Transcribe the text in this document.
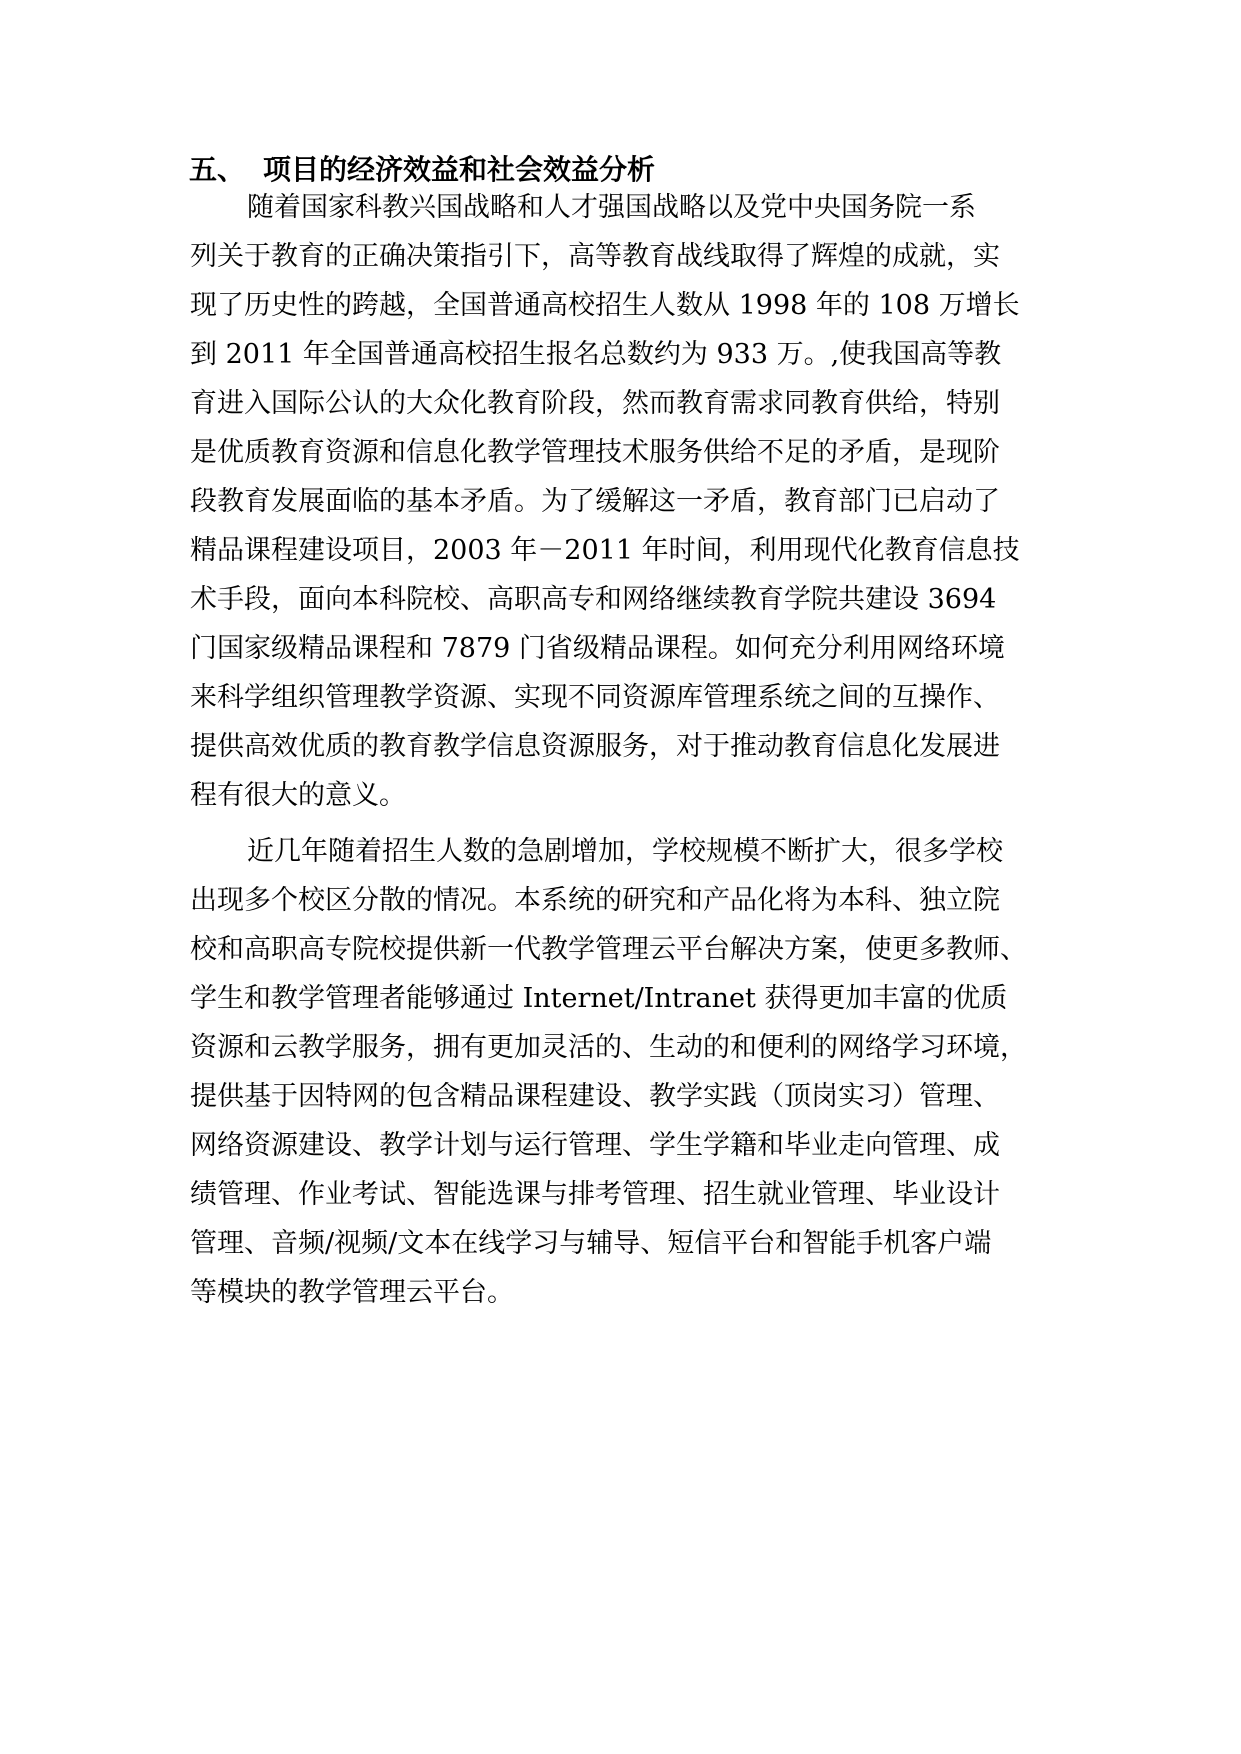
五、 项目的经济效益和社会效益分析
随着国家科教兴国战略和人才强国战略以及党中央国务院一系
列关于教育的正确决策指引下，高等教育战线取得了辉煌的成就，实
现了历史性的跨越，全国普通高校招生人数从 1998 年的 108 万增长
到 2011 年全国普通高校招生报名总数约为 933 万。,使我国高等教
育进入国际公认的大众化教育阶段，然而教育需求同教育供给，特别
是优质教育资源和信息化教学管理技术服务供给不足的矛盾，是现阶
段教育发展面临的基本矛盾。为了缓解这一矛盾，教育部门已启动了
精品课程建设项目，2003 年－2011 年时间，利用现代化教育信息技
术手段，面向本科院校、高职高专和网络继续教育学院共建设 3694
门国家级精品课程和 7879 门省级精品课程。如何充分利用网络环境
来科学组织管理教学资源、实现不同资源库管理系统之间的互操作、
提供高效优质的教育教学信息资源服务，对于推动教育信息化发展进
程有很大的意义。
近几年随着招生人数的急剧增加，学校规模不断扩大，很多学校
出现多个校区分散的情况。本系统的研究和产品化将为本科、独立院
校和高职高专院校提供新一代教学管理云平台解决方案，使更多教师、
学生和教学管理者能够通过 Internet/Intranet 获得更加丰富的优质
资源和云教学服务，拥有更加灵活的、生动的和便利的网络学习环境，
提供基于因特网的包含精品课程建设、教学实践（顶岗实习）管理、
网络资源建设、教学计划与运行管理、学生学籍和毕业走向管理、成
绩管理、作业考试、智能选课与排考管理、招生就业管理、毕业设计
管理、音频/视频/文本在线学习与辅导、短信平台和智能手机客户端
等模块的教学管理云平台。
